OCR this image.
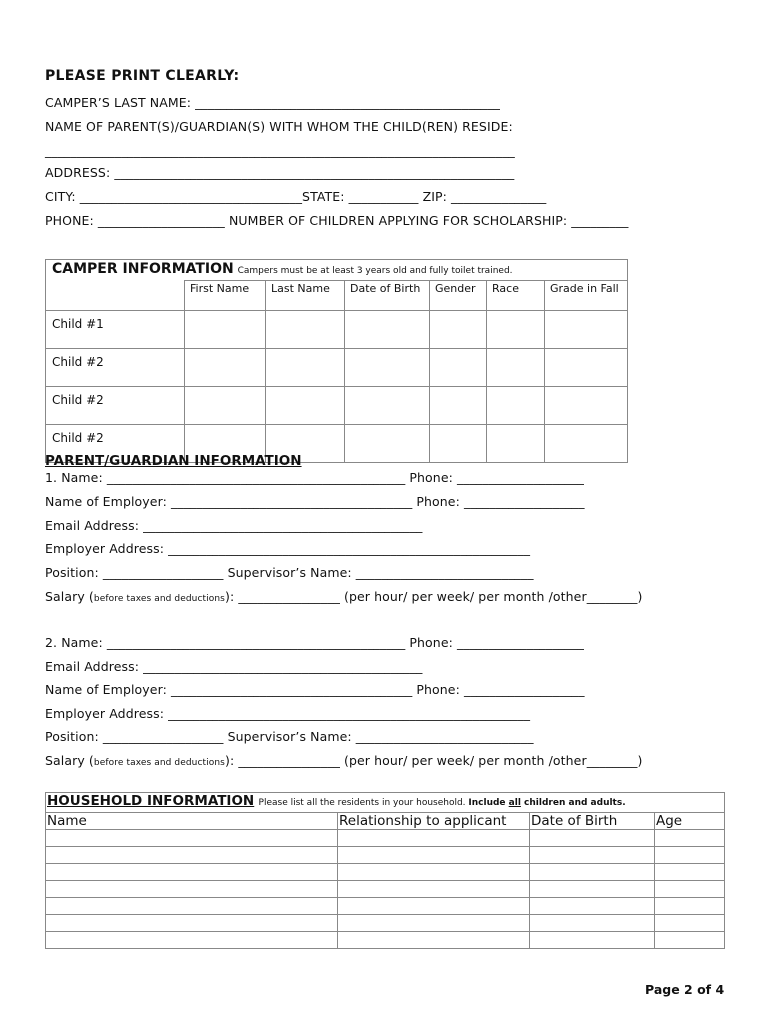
PLEASE PRINT CLEARLY:
CAMPER’S LAST NAME: ________________________________________________
NAME OF PARENT(S)/GUARDIAN(S) WITH WHOM THE CHILD(REN) RESIDE:
__________________________________________________________________________
ADDRESS: _______________________________________________________________
CITY: ___________________________________STATE: ___________ ZIP: _______________
PHONE: ____________________ NUMBER OF CHILDREN APPLYING FOR SCHOLARSHIP: _________
CAMPER INFORMATION Campers must be at least 3 years old and fully toilet trained.						
	First Name	Last Name	Date of Birth	Gender	Race	Grade in Fall
Child #1						
Child #2						
Child #2						
Child #2						
PARENT/GUARDIAN INFORMATION
1. Name: _______________________________________________ Phone: ____________________
Name of Employer: ______________________________________ Phone: ___________________
Email Address: ____________________________________________
Employer Address: _________________________________________________________
Position: ___________________ Supervisor’s Name: ____________________________
Salary (before taxes and deductions): ________________ (per hour/ per week/ per month /other________)
2. Name: _______________________________________________ Phone: ____________________
Email Address: ____________________________________________
Name of Employer: ______________________________________ Phone: ___________________
Employer Address: _________________________________________________________
Position: ___________________ Supervisor’s Name: ____________________________
Salary (before taxes and deductions): ________________ (per hour/ per week/ per month /other________)
HOUSEHOLD INFORMATION Please list all the residents in your household. Include all children and adults.			
Name	Relationship to applicant	Date of Birth	Age

Page 2 of 4
